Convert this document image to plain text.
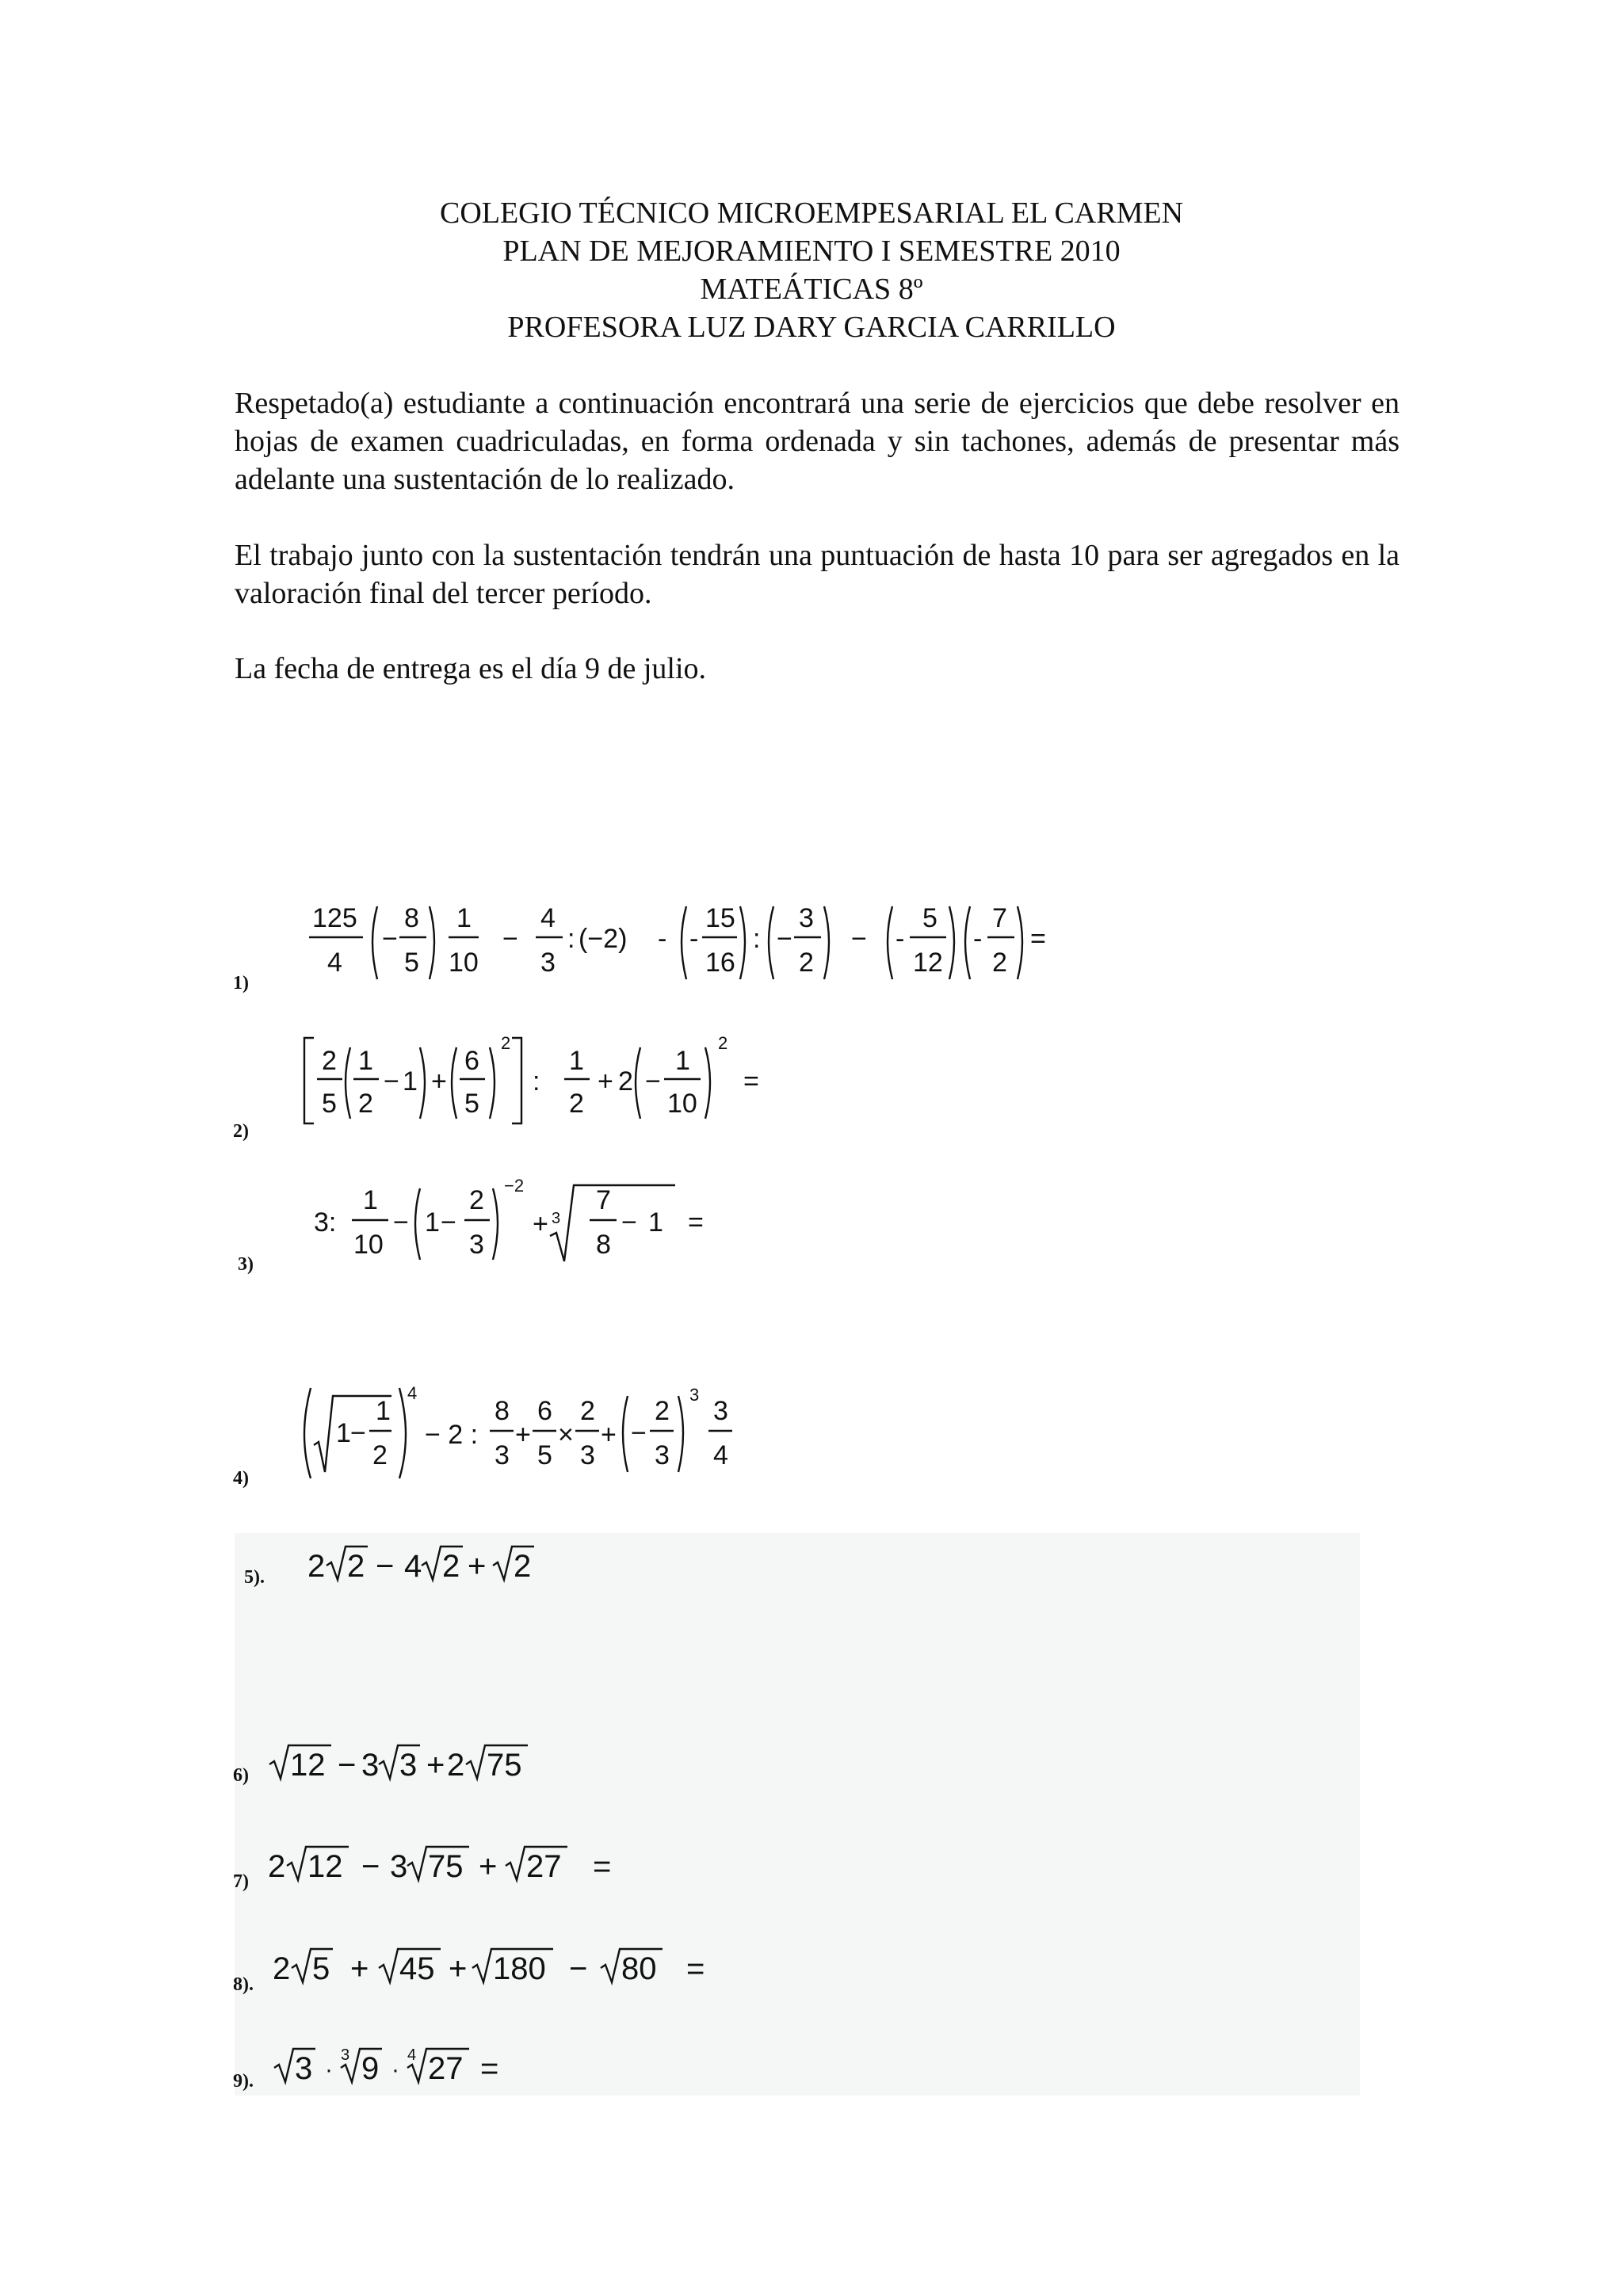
COLEGIO TÉCNICO MICROEMPESARIAL EL CARMEN
PLAN DE MEJORAMIENTO I SEMESTRE 2010
MATEÁTICAS 8º
PROFESORA LUZ DARY GARCIA CARRILLO
Respetado(a) estudiante a continuación encontrará una serie de ejercicios que debe resolver en hojas de examen cuadriculadas, en forma ordenada y sin tachones, además de presentar más adelante una sustentación de lo realizado.
El trabajo junto con la sustentación tendrán una puntuación de hasta 10 para ser agregados en la valoración final del tercer período.
La fecha de entrega es el día 9 de julio.
1)
2)
3)
4)
5).
6)
7)
8).
9).
125
4
−
8
5
1
10
−
4
3
: (−2) - -
15
16
: −
3
2
− -
5
12
-
7
2
=
2
5
1
2
− 1 +
6
5
2
:
1
2
+ 2 −
1
10
2
=
3:
1
10
− 1 −
2
3
−2
+ 3
7
8
− 1 =
1 −
1
2
4
− 2 :
8
3
+
6
5
×
2
3
+ −
2
3
3
3
4
2 2 − 4 2 + 2
12 − 3 3 + 2 75
2 12 − 3 75 + 27 =
2 5 + 45 + 180 − 80 =
3 ·
3 9 ·
4 27 =
